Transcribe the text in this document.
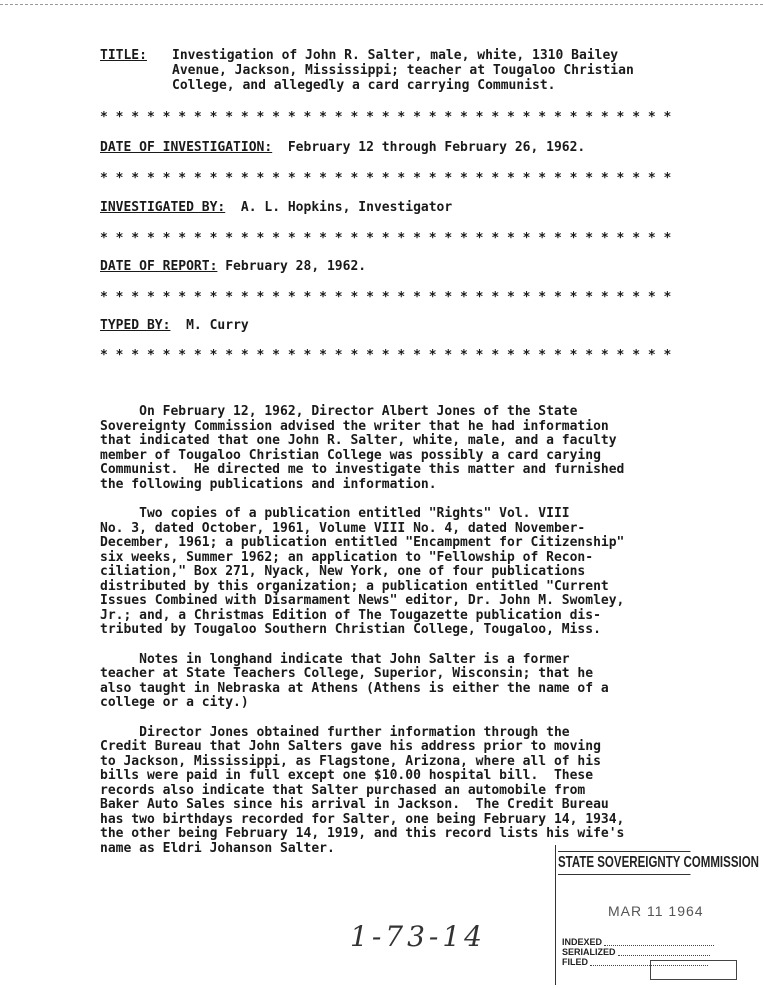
TITLE:	Investigation of John R. Salter, male, white, 1310 Bailey
Avenue, Jackson, Mississippi; teacher at Tougaloo Christian
College, and allegedly a card carrying Communist.
* * * * * * * * * * * * * * * * * * * * * * * * * * * * * * * * * * * * *
DATE OF INVESTIGATION: February 12 through February 26, 1962.
* * * * * * * * * * * * * * * * * * * * * * * * * * * * * * * * * * * * *
INVESTIGATED BY: A. L. Hopkins, Investigator
* * * * * * * * * * * * * * * * * * * * * * * * * * * * * * * * * * * * *
DATE OF REPORT: February 28, 1962.
* * * * * * * * * * * * * * * * * * * * * * * * * * * * * * * * * * * * *
TYPED BY: M. Curry
* * * * * * * * * * * * * * * * * * * * * * * * * * * * * * * * * * * * *
On February 12, 1962, Director Albert Jones of the State
Sovereignty Commission advised the writer that he had information
that indicated that one John R. Salter, white, male, and a faculty
member of Tougaloo Christian College was possibly a card carying
Communist.  He directed me to investigate this matter and furnished
the following publications and information.
Two copies of a publication entitled "Rights" Vol. VIII
No. 3, dated October, 1961, Volume VIII No. 4, dated November-
December, 1961; a publication entitled "Encampment for Citizenship"
six weeks, Summer 1962; an application to "Fellowship of Recon-
ciliation," Box 271, Nyack, New York, one of four publications
distributed by this organization; a publication entitled "Current
Issues Combined with Disarmament News" editor, Dr. John M. Swomley,
Jr.; and, a Christmas Edition of The Tougazette publication dis-
tributed by Tougaloo Southern Christian College, Tougaloo, Miss.
Notes in longhand indicate that John Salter is a former
teacher at State Teachers College, Superior, Wisconsin; that he
also taught in Nebraska at Athens (Athens is either the name of a
college or a city.)
Director Jones obtained further information through the
Credit Bureau that John Salters gave his address prior to moving
to Jackson, Mississippi, as Flagstone, Arizona, where all of his
bills were paid in full except one $10.00 hospital bill.  These
records also indicate that Salter purchased an automobile from
Baker Auto Sales since his arrival in Jackson.  The Credit Bureau
has two birthdays recorded for Salter, one being February 14, 1934,
the other being February 14, 1919, and this record lists his wife's
name as Eldri Johanson Salter.
1-73-14
STATE SOVEREIGNTY COMMISSION
MAR 11 1964
INDEXED
SERIALIZED
FILED
